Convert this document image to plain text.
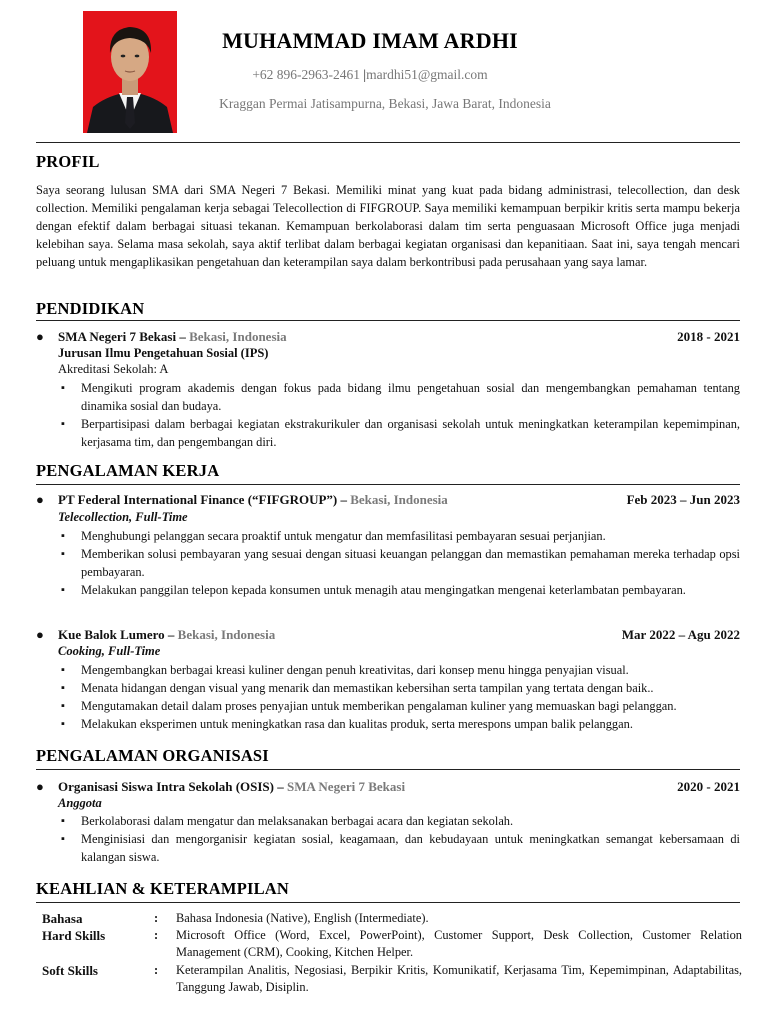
MUHAMMAD IMAM ARDHI
+62 896-2963-2461 |mardhi51@gmail.com
Kraggan Permai Jatisampurna, Bekasi, Jawa Barat, Indonesia
PROFIL
Saya seorang lulusan SMA dari SMA Negeri 7 Bekasi. Memiliki minat yang kuat pada bidang administrasi, telecollection, dan desk collection. Memiliki pengalaman kerja sebagai Telecollection di FIFGROUP. Saya memiliki kemampuan berpikir kritis serta mampu bekerja dengan efektif dalam berbagai situasi tekanan. Kemampuan berkolaborasi dalam tim serta penguasaan Microsoft Office juga menjadi kelebihan saya. Selama masa sekolah, saya aktif terlibat dalam berbagai kegiatan organisasi dan kepanitiaan. Saat ini, saya tengah mencari peluang untuk mengaplikasikan pengetahuan dan keterampilan saya dalam berkontribusi pada perusahaan yang saya lamar.
PENDIDIKAN
● SMA Negeri 7 Bekasi – Bekasi, Indonesia	2018 - 2021
Jurusan Ilmu Pengetahuan Sosial (IPS)
Akreditasi Sekolah: A
▪ Mengikuti program akademis dengan fokus pada bidang ilmu pengetahuan sosial dan mengembangkan pemahaman tentang dinamika sosial dan budaya.
▪ Berpartisipasi dalam berbagai kegiatan ekstrakurikuler dan organisasi sekolah untuk meningkatkan keterampilan kepemimpinan, kerjasama tim, dan pengembangan diri.
PENGALAMAN KERJA
● PT Federal International Finance (“FIFGROUP”) – Bekasi, Indonesia	Feb 2023 – Jun 2023
Telecollection, Full-Time
▪ Menghubungi pelanggan secara proaktif untuk mengatur dan memfasilitasi pembayaran sesuai perjanjian.
▪ Memberikan solusi pembayaran yang sesuai dengan situasi keuangan pelanggan dan memastikan pemahaman mereka terhadap opsi pembayaran.
▪ Melakukan panggilan telepon kepada konsumen untuk menagih atau mengingatkan mengenai keterlambatan pembayaran.
● Kue Balok Lumero – Bekasi, Indonesia	Mar 2022 – Agu 2022
Cooking, Full-Time
▪ Mengembangkan berbagai kreasi kuliner dengan penuh kreativitas, dari konsep menu hingga penyajian visual.
▪ Menata hidangan dengan visual yang menarik dan memastikan kebersihan serta tampilan yang tertata dengan baik..
▪ Mengutamakan detail dalam proses penyajian untuk memberikan pengalaman kuliner yang memuaskan bagi pelanggan.
▪ Melakukan eksperimen untuk meningkatkan rasa dan kualitas produk, serta merespons umpan balik pelanggan.
PENGALAMAN ORGANISASI
● Organisasi Siswa Intra Sekolah (OSIS) – SMA Negeri 7 Bekasi	2020 - 2021
Anggota
▪ Berkolaborasi dalam mengatur dan melaksanakan berbagai acara dan kegiatan sekolah.
▪ Menginisiasi dan mengorganisir kegiatan sosial, keagamaan, dan kebudayaan untuk meningkatkan semangat kebersamaan di kalangan siswa.
KEAHLIAN & KETERAMPILAN
Bahasa	:	Bahasa Indonesia (Native), English (Intermediate).
Hard Skills	:	Microsoft Office (Word, Excel, PowerPoint), Customer Support, Desk Collection, Customer Relation Management (CRM), Cooking, Kitchen Helper.
Soft Skills	:	Keterampilan Analitis, Negosiasi, Berpikir Kritis, Komunikatif, Kerjasama Tim, Kepemimpinan, Adaptabilitas, Tanggung Jawab, Disiplin.
